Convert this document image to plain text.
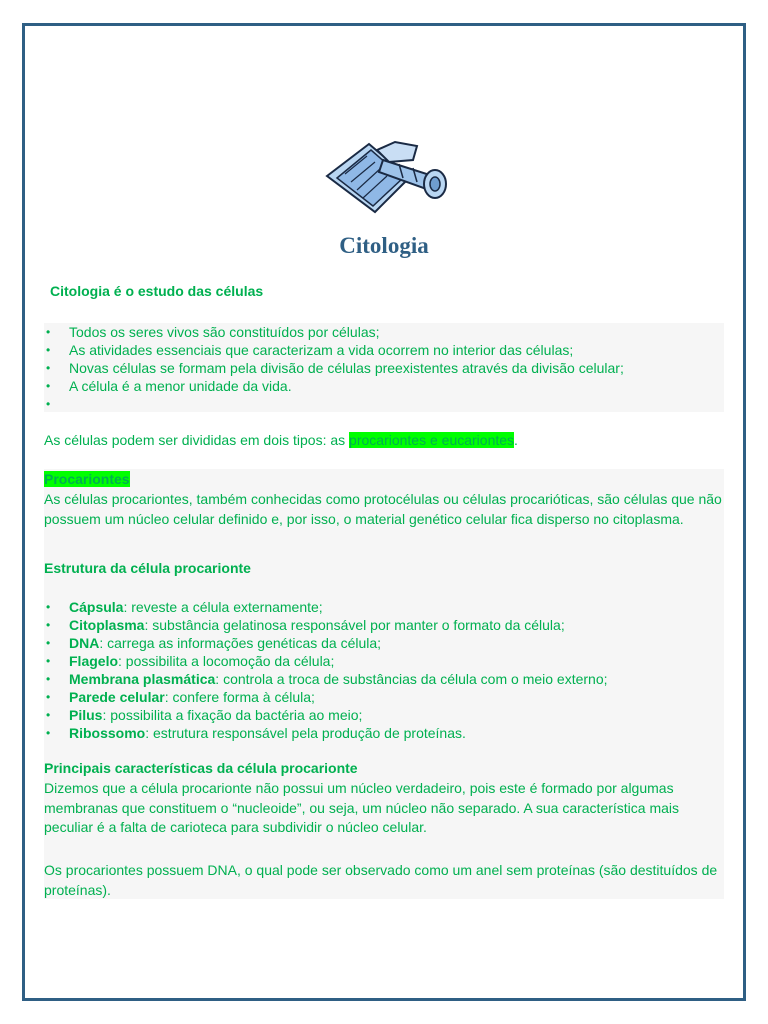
Citologia
Citologia é o estudo das células
• Todos os seres vivos são constituídos por células;
• As atividades essenciais que caracterizam a vida ocorrem no interior das células;
• Novas células se formam pela divisão de células preexistentes através da divisão celular;
• A célula é a menor unidade da vida.
As células podem ser divididas em dois tipos: as procariontes e eucariontes.
Procariontes
As células procariontes, também conhecidas como protocélulas ou células procarióticas, são células que não possuem um núcleo celular definido e, por isso, o material genético celular fica disperso no citoplasma.
Estrutura da célula procarionte
• Cápsula: reveste a célula externamente;
• Citoplasma: substância gelatinosa responsável por manter o formato da célula;
• DNA: carrega as informações genéticas da célula;
• Flagelo: possibilita a locomoção da célula;
• Membrana plasmática: controla a troca de substâncias da célula com o meio externo;
• Parede celular: confere forma à célula;
• Pilus: possibilita a fixação da bactéria ao meio;
• Ribossomo: estrutura responsável pela produção de proteínas.
Principais características da célula procarionte
Dizemos que a célula procarionte não possui um núcleo verdadeiro, pois este é formado por algumas membranas que constituem o “nucleoide”, ou seja, um núcleo não separado. A sua característica mais peculiar é a falta de carioteca para subdividir o núcleo celular.
Os procariontes possuem DNA, o qual pode ser observado como um anel sem proteínas (são destituídos de proteínas).
